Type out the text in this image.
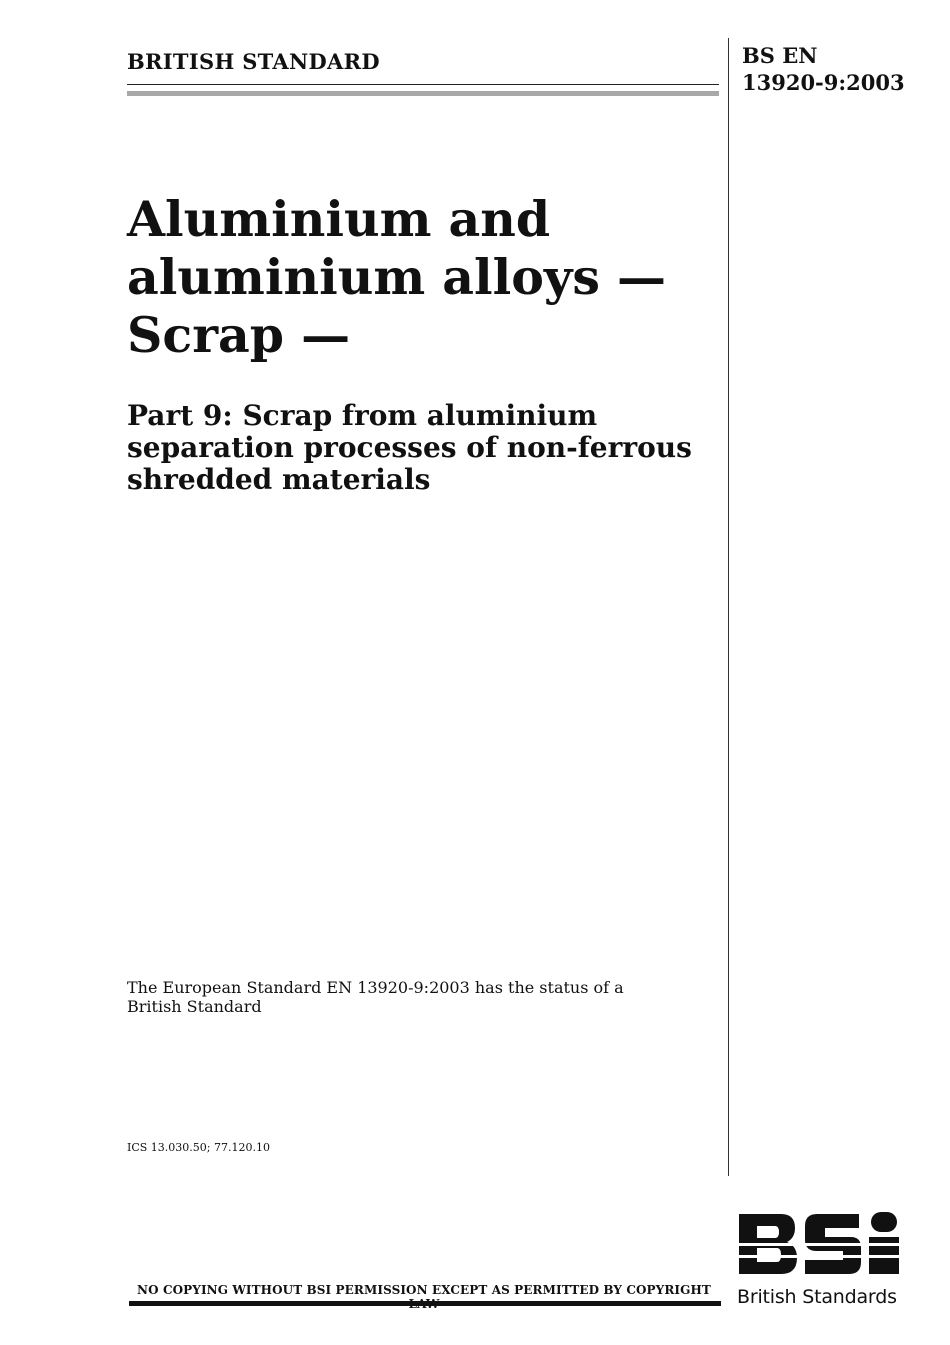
BRITISH STANDARD	BS EN
13920-9:2003
Aluminium and
aluminium alloys —
Scrap —
Part 9: Scrap from aluminium
separation processes of non-ferrous
shredded materials
The European Standard EN 13920-9:2003 has the status of a
British Standard
ICS 13.030.50; 77.120.10
NO COPYING WITHOUT BSI PERMISSION EXCEPT AS PERMITTED BY COPYRIGHT	British Standards
